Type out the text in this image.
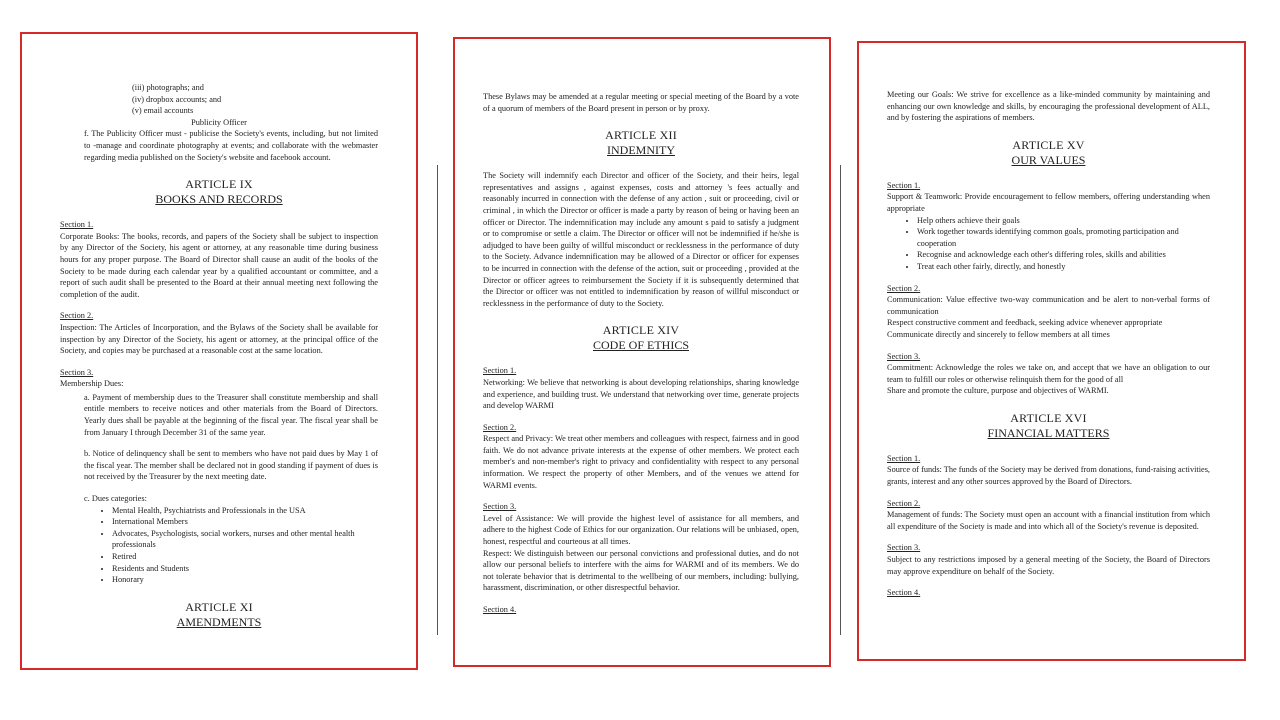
(iii) photographs; and

(iv) dropbox accounts; and

(v) email accounts

Publicity Officer

f. The Publicity Officer must - publicise the Society's events, including, but not limited to -manage and coordinate photography at events; and collaborate with the webmaster regarding media published on the Society's website and facebook account.

ARTICLE IX
BOOKS AND RECORDS

Section 1.

Corporate Books: The books, records, and papers of the Society shall be subject to inspection by any Director of the Society, his agent or attorney, at any reasonable time during business hours for any proper purpose. The Board of Director shall cause an audit of the books of the Society to be made during each calendar year by a qualified accountant or committee, and a report of such audit shall be presented to the Board at their annual meeting next following the completion of the audit.

Section 2.

Inspection: The Articles of Incorporation, and the Bylaws of the Society shall be available for inspection by any Director of the Society, his agent or attorney, at the principal office of the Society, and copies may be purchased at a reasonable cost at the same location.

Section 3.

Membership Dues:

a. Payment of membership dues to the Treasurer shall constitute membership and shall entitle members to receive notices and other materials from the Board of Directors. Yearly dues shall be payable at the beginning of the fiscal year. The fiscal year shall be from January I through December 31 of the same year.

b. Notice of delinquency shall be sent to members who have not paid dues by May 1 of the fiscal year. The member shall be declared not in good standing if payment of dues is not received by the Treasurer by the next meeting date.

c. Dues categories:

• Mental Health, Psychiatrists and Professionals in the USA
• International Members
• Advocates, Psychologists, social workers, nurses and other mental health professionals
• Retired
• Residents and Students
• Honorary
ARTICLE XI
AMENDMENTS

These Bylaws may be amended at a regular meeting or special meeting of the Board by a vote of a quorum of members of the Board present in person or by proxy.

ARTICLE XII
INDEMNITY

The Society will indemnify each Director and officer of the Society, and their heirs, legal representatives and assigns , against expenses, costs and attorney 's fees actually and reasonably incurred in connection with the defense of any action , suit or proceeding, civil or criminal , in which the Director or officer is made a party by reason of being or having been an officer or Director. The indemnification may include any amount s paid to satisfy a judgment or to compromise or settle a claim. The Director or officer will not be indemnified if he/she is adjudged to have been guilty of willful misconduct or recklessness in the performance of duty to the Society. Advance indemnification may be allowed of a Director or officer for expenses to be incurred in connection with the defense of the action, suit or proceeding , provided at the Director or officer agrees to reimbursement the Society if it is subsequently determined that the Director or officer was not entitled to indemnification by reason of willful misconduct or recklessness in the performance of duty to the Society.

ARTICLE XIV
CODE OF ETHICS

Section 1.

Networking: We believe that networking is about developing relationships, sharing knowledge and experience, and building trust. We understand that networking over time, generate projects and develop WARMI

Section 2.

Respect and Privacy: We treat other members and colleagues with respect, fairness and in good faith. We do not advance private interests at the expense of other members. We protect each member's and non-member's right to privacy and confidentiality with respect to any personal information. We respect the property of other Members, and of the venues we attend for WARMI events.

Section 3.

Level of Assistance: We will provide the highest level of assistance for all members, and adhere to the highest Code of Ethics for our organization. Our relations will be unbiased, open, honest, respectful and courteous at all times.

Respect: We distinguish between our personal convictions and professional duties, and do not allow our personal beliefs to interfere with the aims for WARMI and of its members. We do not tolerate behavior that is detrimental to the wellbeing of our members, including: bullying, harassment, discrimination, or other disrespectful behavior.

Section 4.

Meeting our Goals: We strive for excellence as a like-minded community by maintaining and enhancing our own knowledge and skills, by encouraging the professional development of ALL, and by fostering the aspirations of members.

ARTICLE XV
OUR VALUES

Section 1.

Support & Teamwork: Provide encouragement to fellow members, offering understanding when appropriate

• Help others achieve their goals
• Work together towards identifying common goals, promoting participation and cooperation
• Recognise and acknowledge each other's differing roles, skills and abilities
• Treat each other fairly, directly, and honestly

Section 2.

Communication: Value effective two-way communication and be alert to non-verbal forms of communication

Respect constructive comment and feedback, seeking advice whenever appropriate

Communicate directly and sincerely to fellow members at all times

Section 3.

Commitment: Acknowledge the roles we take on, and accept that we have an obligation to our team to fulfill our roles or otherwise relinquish them for the good of all

Share and promote the culture, purpose and objectives of WARMI.

ARTICLE XVI
FINANCIAL MATTERS

Section 1.

Source of funds: The funds of the Society may be derived from donations, fund-raising activities, grants, interest and any other sources approved by the Board of Directors.

Section 2.

Management of funds: The Society must open an account with a financial institution from which all expenditure of the Society is made and into which all of the Society's revenue is deposited.

Section 3.

Subject to any restrictions imposed by a general meeting of the Society, the Board of Directors may approve expenditure on behalf of the Society.

Section 4.
